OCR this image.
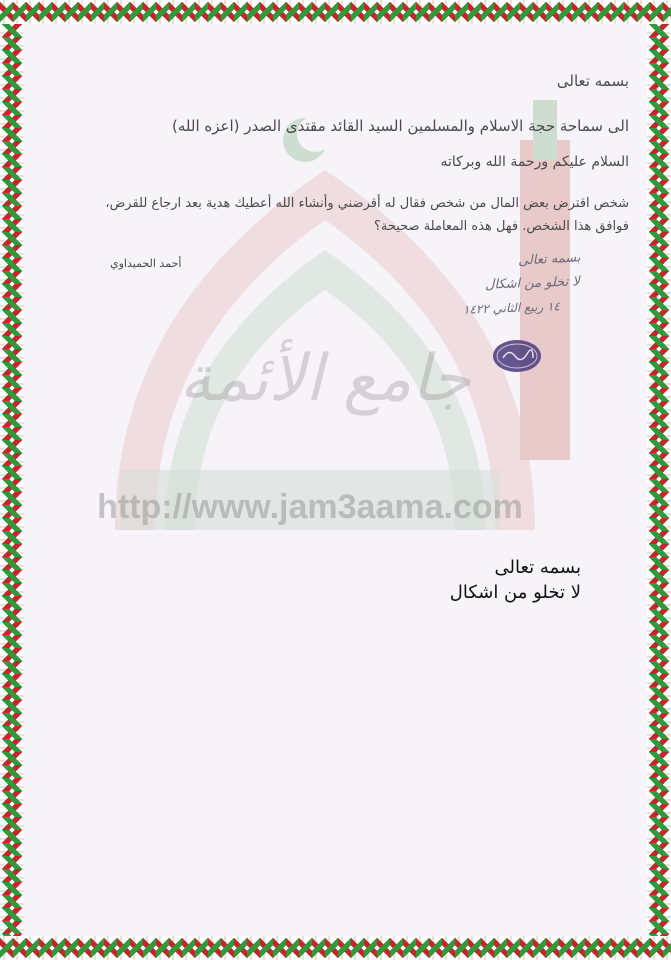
جامع الأئمة
http://www.jam3aama.com
بسمه تعالى
الى سماحة حجة الاسلام والمسلمين السيد القائد مقتدى الصدر (اعزه الله)
السلام عليكم ورحمة الله وبركاته
شخص اقترض بعض المال من شخص فقال له أقرضني وأنشاء الله أعطيك هدية بعد ارجاع للقرض، فوافق هذا الشخص. فهل هذه المعاملة صحيحة؟
أحمد الحميداوي	بسمه تعالى
لا تخلو من اشكال
١٤ ربيع الثاني ١٤٢٢
بسمه تعالى
لا تخلو من اشكال
